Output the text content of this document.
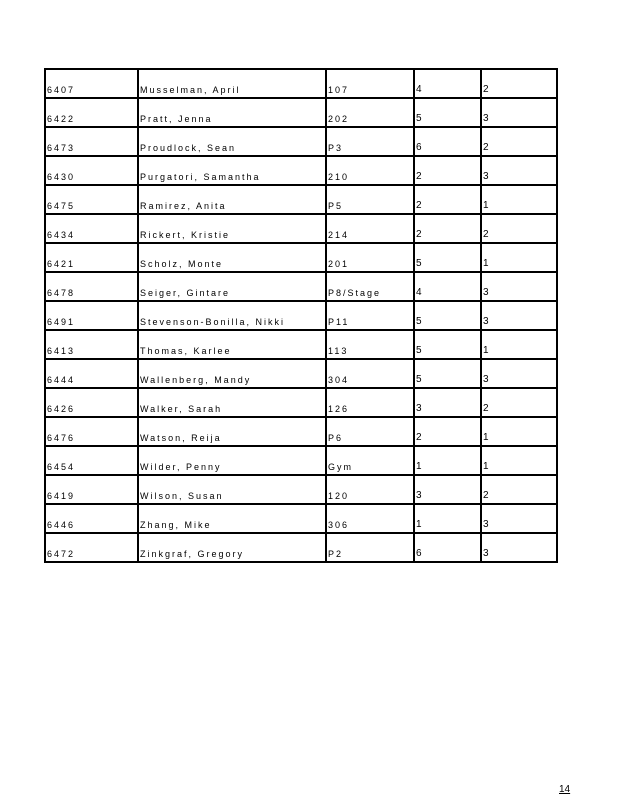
6407	Musselman, April	107	4	2
6422	Pratt, Jenna	202	5	3
6473	Proudlock, Sean	P3	6	2
6430	Purgatori, Samantha	210	2	3
6475	Ramirez, Anita	P5	2	1
6434	Rickert, Kristie	214	2	2
6421	Scholz, Monte	201	5	1
6478	Seiger, Gintare	P8/Stage	4	3
6491	Stevenson-Bonilla, Nikki	P11	5	3
6413	Thomas, Karlee	113	5	1
6444	Wallenberg, Mandy	304	5	3
6426	Walker, Sarah	126	3	2
6476	Watson, Reija	P6	2	1
6454	Wilder, Penny	Gym	1	1
6419	Wilson, Susan	120	3	2
6446	Zhang, Mike	306	1	3
6472	Zinkgraf, Gregory	P2	6	3
14
